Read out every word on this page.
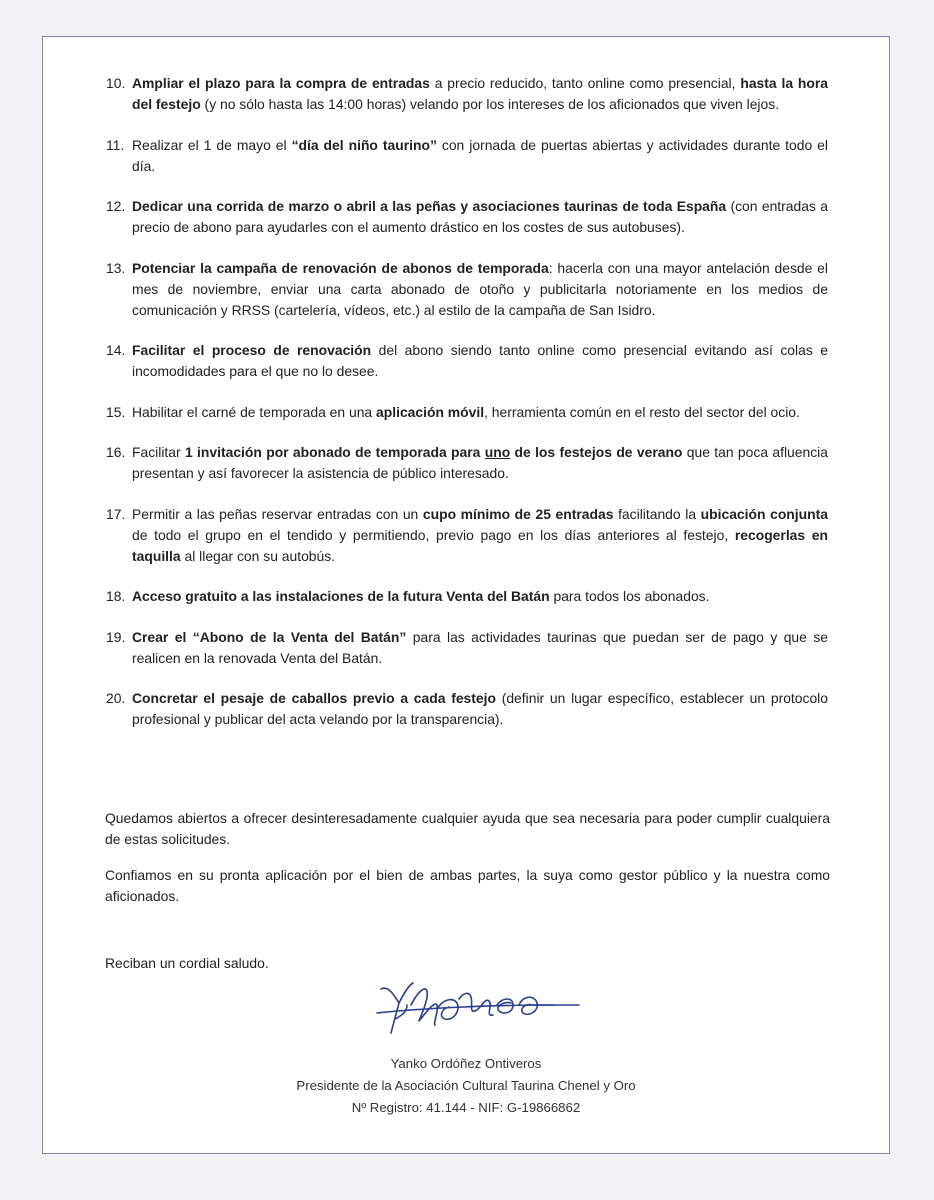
10. Ampliar el plazo para la compra de entradas a precio reducido, tanto online como presencial, hasta la hora del festejo (y no sólo hasta las 14:00 horas) velando por los intereses de los aficionados que viven lejos.
11. Realizar el 1 de mayo el “día del niño taurino” con jornada de puertas abiertas y actividades durante todo el día.
12. Dedicar una corrida de marzo o abril a las peñas y asociaciones taurinas de toda España (con entradas a precio de abono para ayudarles con el aumento drástico en los costes de sus autobuses).
13. Potenciar la campaña de renovación de abonos de temporada: hacerla con una mayor antelación desde el mes de noviembre, enviar una carta abonado de otoño y publicitarla notoriamente en los medios de comunicación y RRSS (cartelería, vídeos, etc.) al estilo de la campaña de San Isidro.
14. Facilitar el proceso de renovación del abono siendo tanto online como presencial evitando así colas e incomodidades para el que no lo desee.
15. Habilitar el carné de temporada en una aplicación móvil, herramienta común en el resto del sector del ocio.
16. Facilitar 1 invitación por abonado de temporada para uno de los festejos de verano que tan poca afluencia presentan y así favorecer la asistencia de público interesado.
17. Permitir a las peñas reservar entradas con un cupo mínimo de 25 entradas facilitando la ubicación conjunta de todo el grupo en el tendido y permitiendo, previo pago en los días anteriores al festejo, recogerlas en taquilla al llegar con su autobús.
18. Acceso gratuito a las instalaciones de la futura Venta del Batán para todos los abonados.
19. Crear el “Abono de la Venta del Batán” para las actividades taurinas que puedan ser de pago y que se realicen en la renovada Venta del Batán.
20. Concretar el pesaje de caballos previo a cada festejo (definir un lugar específico, establecer un protocolo profesional y publicar del acta velando por la transparencia).

Quedamos abiertos a ofrecer desinteresadamente cualquier ayuda que sea necesaria para poder cumplir cualquiera de estas solicitudes.

Confiamos en su pronta aplicación por el bien de ambas partes, la suya como gestor público y la nuestra como aficionados.

Reciban un cordial saludo.

Yanko Ordóñez Ontiveros
Presidente de la Asociación Cultural Taurina Chenel y Oro
Nº Registro: 41.144 - NIF: G-19866862
